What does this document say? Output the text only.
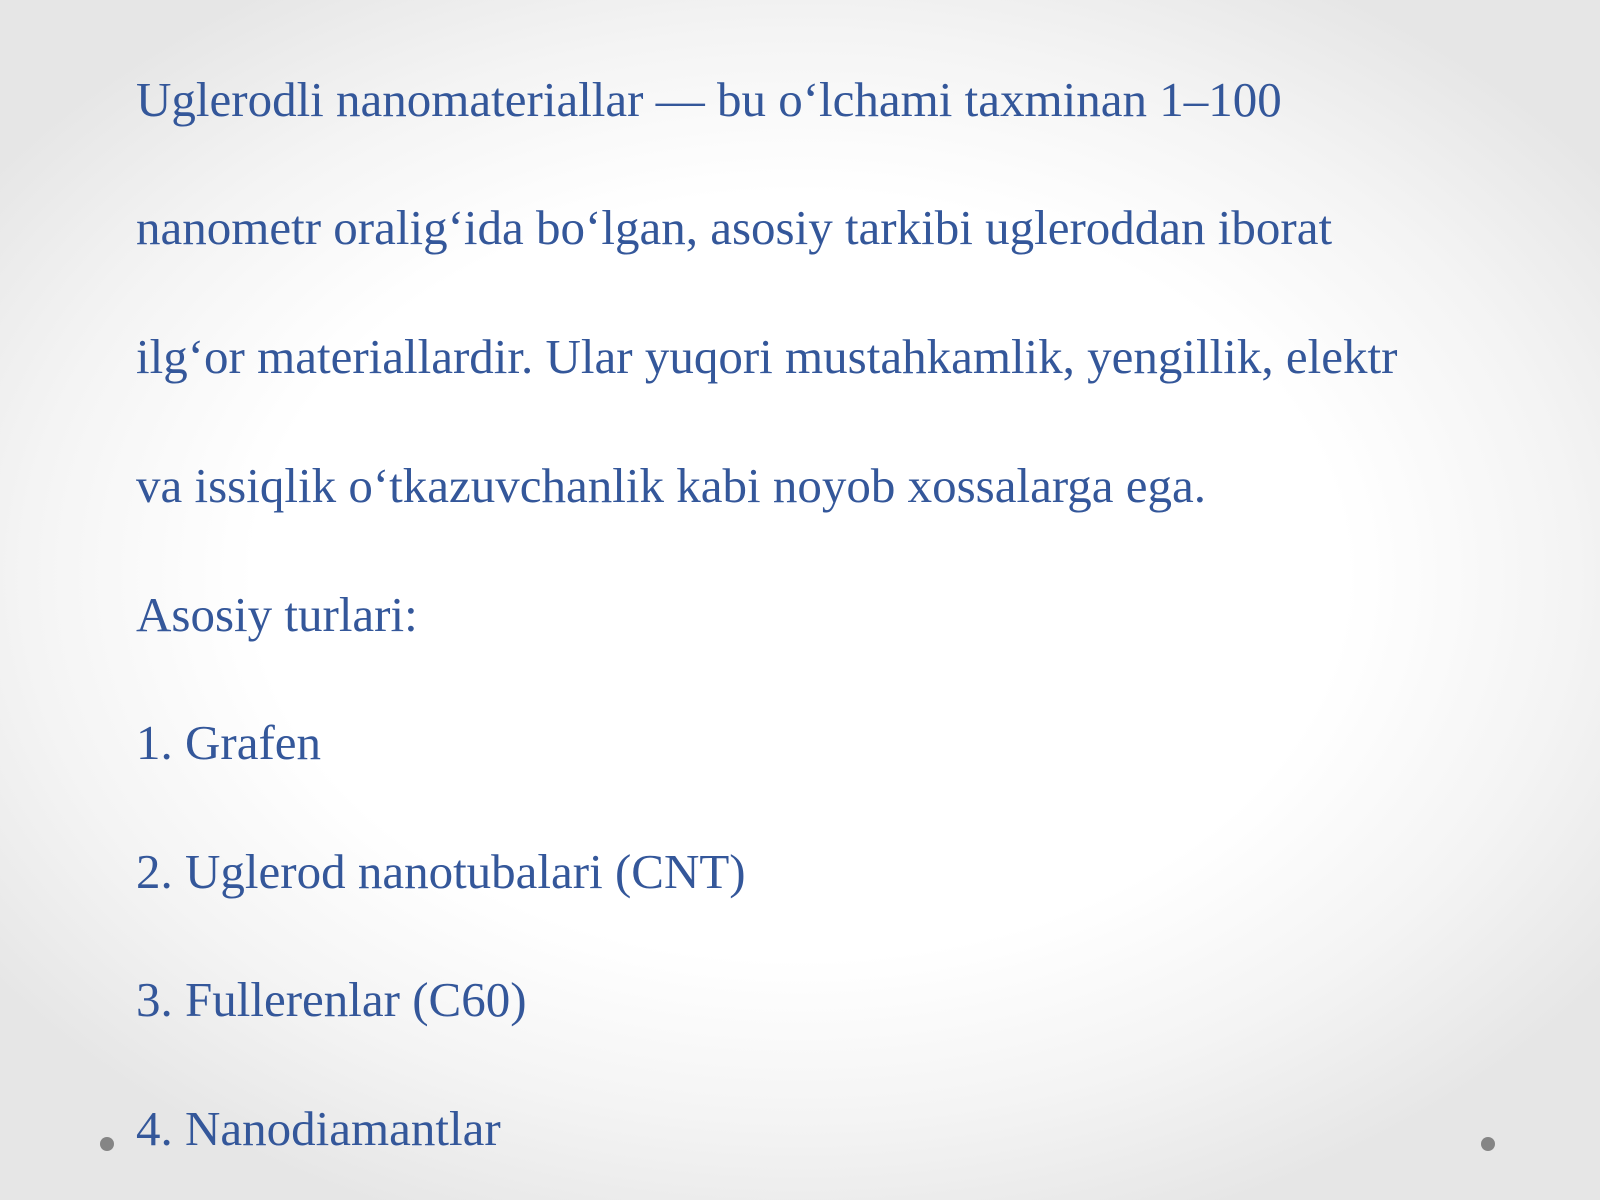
Uglerodli nanomateriallar — bu o‘lchami taxminan 1–100

nanometr oralig‘ida bo‘lgan, asosiy tarkibi ugleroddan iborat

ilg‘or materiallardir. Ular yuqori mustahkamlik, yengillik, elektr

va issiqlik o‘tkazuvchanlik kabi noyob xossalarga ega.

Asosiy turlari:

1. Grafen

2. Uglerod nanotubalari (CNT)

3. Fullerenlar (C60)

4. Nanodiamantlar
